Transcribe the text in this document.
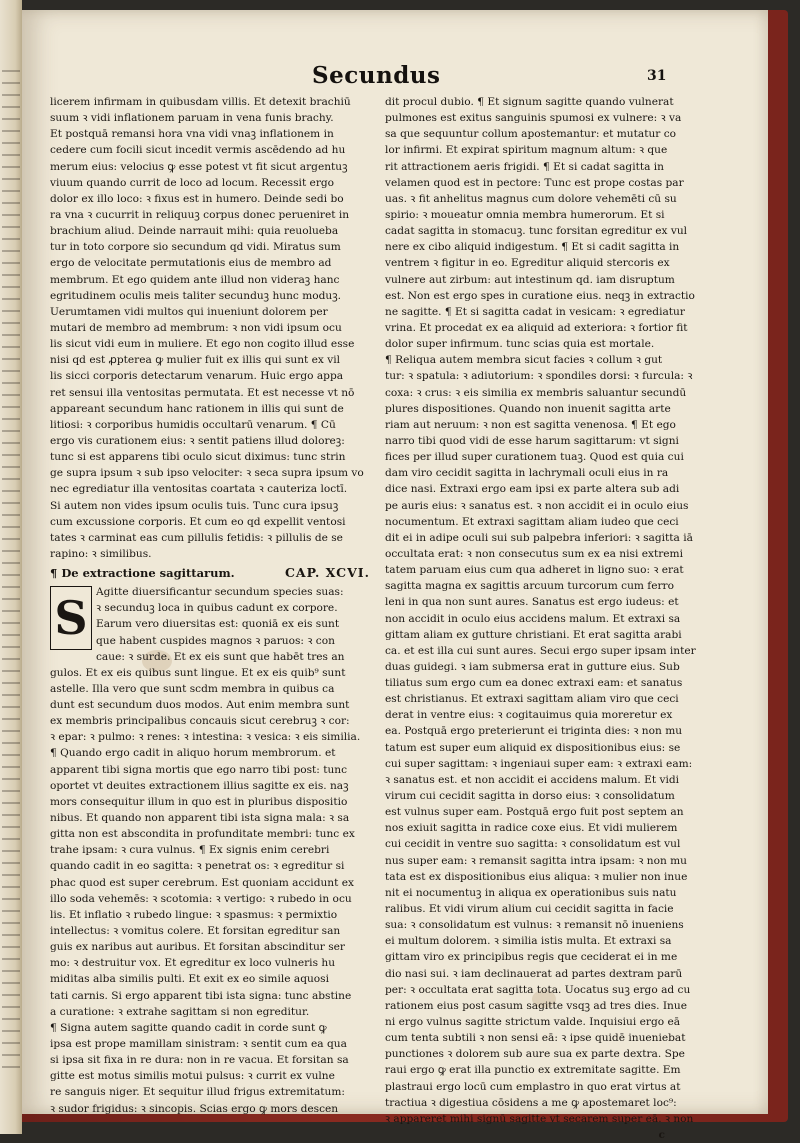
Secundus	31
licerem infirmam in quibusdam villis. Et detexit brachiū
suum ꝛ vidi inflationem paruam in vena funis brachy.
Et postquā remansi hora vna vidi vnaꝫ inflationem in
cedere cum focili sicut incedit vermis ascēdendo ad hu
merum eius: velocius ꝙ esse potest vt fit sicut argentuꝫ
viuum quando currit de loco ad locum. Recessit ergo
dolor ex illo loco: ꝛ fixus est in humero. Deinde sedi bo
ra vna ꝛ cucurrit in reliquuꝫ corpus donec perueniret in
brachium aliud. Deinde narrauit mihi: quia reuolueba
tur in toto corpore sio secundum qd vidi. Miratus sum
ergo de velocitate permutationis eius de membro ad
membrum. Et ego quidem ante illud non videraꝫ hanc
egritudinem oculis meis taliter secunduꝫ hunc moduꝫ.
Uerumtamen vidi multos qui inueniunt dolorem per
mutari de membro ad membrum: ꝛ non vidi ipsum ocu
lis sicut vidi eum in muliere. Et ego non cogito illud esse
nisi qd est ꝓpterea ꝙ mulier fuit ex illis qui sunt ex vil
lis sicci corporis detectarum venarum. Huic ergo appa
ret sensui illa ventositas permutata. Et est necesse vt nō
appareant secundum hanc rationem in illis qui sunt de
litiosi: ꝛ corporibus humidis occultarū venarum. ¶ Cū
ergo vis curationem eius: ꝛ sentit patiens illud doloreꝫ:
tunc si est apparens tibi oculo sicut diximus: tunc strin
ge supra ipsum ꝛ sub ipso velociter: ꝛ seca supra ipsum vo
nec egrediatur illa ventositas coartata ꝛ cauteriza loctī.
Si autem non vides ipsum oculis tuis. Tunc cura ipsuꝫ
cum excussione corporis. Et cum eo qd expellit ventosi
tates ꝛ carminat eas cum pillulis fetidis: ꝛ pillulis de se
rapino: ꝛ similibus.
¶ De extractione sagittarum.	CAP. XCVI.
S Agitte diuersificantur secundum species suas:
ꝛ secunduꝫ loca in quibus cadunt ex corpore.
Earum vero diuersitas est: quoniā ex eis sunt
que habent cuspides magnos ꝛ paruos: ꝛ con
caue: ꝛ surde. Et ex eis sunt que habēt tres an
gulos. Et ex eis quibus sunt lingue. Et ex eis quib⁹ sunt
astelle. Illa vero que sunt scdm membra in quibus ca
dunt est secundum duos modos. Aut enim membra sunt
ex membris principalibus concauis sicut cerebruꝫ ꝛ cor:
ꝛ epar: ꝛ pulmo: ꝛ renes: ꝛ intestina: ꝛ vesica: ꝛ eis similia.
¶ Quando ergo cadit in aliquo horum membrorum. et
apparent tibi signa mortis que ego narro tibi post: tunc
oportet vt deuites extractionem illius sagitte ex eis. naꝫ
mors consequitur illum in quo est in pluribus dispositio
nibus. Et quando non apparent tibi ista signa mala: ꝛ sa
gitta non est abscondita in profunditate membri: tunc ex
trahe ipsam: ꝛ cura vulnus. ¶ Ex signis enim cerebri
quando cadit in eo sagitta: ꝛ penetrat os: ꝛ egreditur si
phac quod est super cerebrum. Est quoniam accidunt ex
illo soda vehemēs: ꝛ scotomia: ꝛ vertigo: ꝛ rubedo in ocu
lis. Et inflatio ꝛ rubedo lingue: ꝛ spasmus: ꝛ permixtio
intellectus: ꝛ vomitus colere. Et forsitan egreditur san
guis ex naribus aut auribus. Et forsitan abscinditur ser
mo: ꝛ destruitur vox. Et egreditur ex loco vulneris hu
miditas alba similis pulti. Et exit ex eo simile aquosi
tati carnis. Si ergo apparent tibi ista signa: tunc abstine
a curatione: ꝛ extrahe sagittam si non egreditur.
¶ Signa autem sagitte quando cadit in corde sunt ꝙ
ipsa est prope mamillam sinistram: ꝛ sentit cum ea qua
si ipsa sit fixa in re dura: non in re vacua. Et forsitan sa
gitte est motus similis motui pulsus: ꝛ currit ex vulne
re sanguis niger. Et sequitur illud frigus extremitatum:
ꝛ sudor frigidus: ꝛ sincopis. Scias ergo ꝙ mors descen
dit procul dubio. ¶ Et signum sagitte quando vulnerat
pulmones est exitus sanguinis spumosi ex vulnere: ꝛ va
sa que sequuntur collum apostemantur: et mutatur co
lor infirmi. Et expirat spiritum magnum altum: ꝛ que
rit attractionem aeris frigidi. ¶ Et si cadat sagitta in
velamen quod est in pectore: Tunc est prope costas par
uas. ꝛ fit anhelitus magnus cum dolore vehemēti cū su
spirio: ꝛ moueatur omnia membra humerorum. Et si
cadat sagitta in stomacuꝫ. tunc forsitan egreditur ex vul
nere ex cibo aliquid indigestum. ¶ Et si cadit sagitta in
ventrem ꝛ figitur in eo. Egreditur aliquid stercoris ex
vulnere aut zirbum: aut intestinum qd. iam disruptum
est. Non est ergo spes in curatione eius. neqꝫ in extractio
ne sagitte. ¶ Et si sagitta cadat in vesicam: ꝛ egrediatur
vrina. Et procedat ex ea aliquid ad exteriora: ꝛ fortior fit
dolor super infirmum. tunc scias quia est mortale.
¶ Reliqua autem membra sicut facies ꝛ collum ꝛ gut
tur: ꝛ spatula: ꝛ adiutorium: ꝛ spondiles dorsi: ꝛ furcula: ꝛ
coxa: ꝛ crus: ꝛ eis similia ex membris saluantur secundū
plures dispositiones. Quando non inuenit sagitta arte
riam aut neruum: ꝛ non est sagitta venenosa. ¶ Et ego
narro tibi quod vidi de esse harum sagittarum: vt signi
fices per illud super curationem tuaꝫ. Quod est quia cui
dam viro cecidit sagitta in lachrymali oculi eius in ra
dice nasi. Extraxi ergo eam ipsi ex parte altera sub adi
pe auris eius: ꝛ sanatus est. ꝛ non accidit ei in oculo eius
nocumentum. Et extraxi sagittam aliam iudeo que ceci
dit ei in adipe oculi sui sub palpebra inferiori: ꝛ sagitta iā
occultata erat: ꝛ non consecutus sum ex ea nisi extremi
tatem paruam eius cum qua adheret in ligno suo: ꝛ erat
sagitta magna ex sagittis arcuum turcorum cum ferro
leni in qua non sunt aures. Sanatus est ergo iudeus: et
non accidit in oculo eius accidens malum. Et extraxi sa
gittam aliam ex gutture christiani. Et erat sagitta arabi
ca. et est illa cui sunt aures. Secui ergo super ipsam inter
duas guidegi. ꝛ iam submersa erat in gutture eius. Sub
tiliatus sum ergo cum ea donec extraxi eam: et sanatus
est christianus. Et extraxi sagittam aliam viro que ceci
derat in ventre eius: ꝛ cogitauimus quia moreretur ex
ea. Postquā ergo preterierunt ei triginta dies: ꝛ non mu
tatum est super eum aliquid ex dispositionibus eius: se
cui super sagittam: ꝛ ingeniaui super eam: ꝛ extraxi eam:
ꝛ sanatus est. et non accidit ei accidens malum. Et vidi
virum cui cecidit sagitta in dorso eius: ꝛ consolidatum
est vulnus super eam. Postquā ergo fuit post septem an
nos exiuit sagitta in radice coxe eius. Et vidi mulierem
cui cecidit in ventre suo sagitta: ꝛ consolidatum est vul
nus super eam: ꝛ remansit sagitta intra ipsam: ꝛ non mu
tata est ex dispositionibus eius aliqua: ꝛ mulier non inue
nit ei nocumentuꝫ in aliqua ex operationibus suis natu
ralibus. Et vidi virum alium cui cecidit sagitta in facie
sua: ꝛ consolidatum est vulnus: ꝛ remansit nō inueniens
ei multum dolorem. ꝛ similia istis multa. Et extraxi sa
gittam viro ex principibus regis que ceciderat ei in me
dio nasi sui. ꝛ iam declinauerat ad partes dextram parū
per: ꝛ occultata erat sagitta tota. Uocatus suꝫ ergo ad cu
rationem eius post casum sagitte vsqꝫ ad tres dies. Inue
ni ergo vulnus sagitte strictum valde. Inquisiui ergo eā
cum tenta subtili ꝛ non sensi eā: ꝛ ipse quidē inueniebat
punctiones ꝛ dolorem sub aure sua ex parte dextra. Spe
raui ergo ꝙ erat illa punctio ex extremitate sagitte. Em
plastraui ergo locū cum emplastro in quo erat virtus at
tractiua ꝛ digestiua cōsidens a me ꝙ apostemaret loc⁹:
ꝛ appareret mihi signū sagitte vt secarem super eā. ꝛ non
c
